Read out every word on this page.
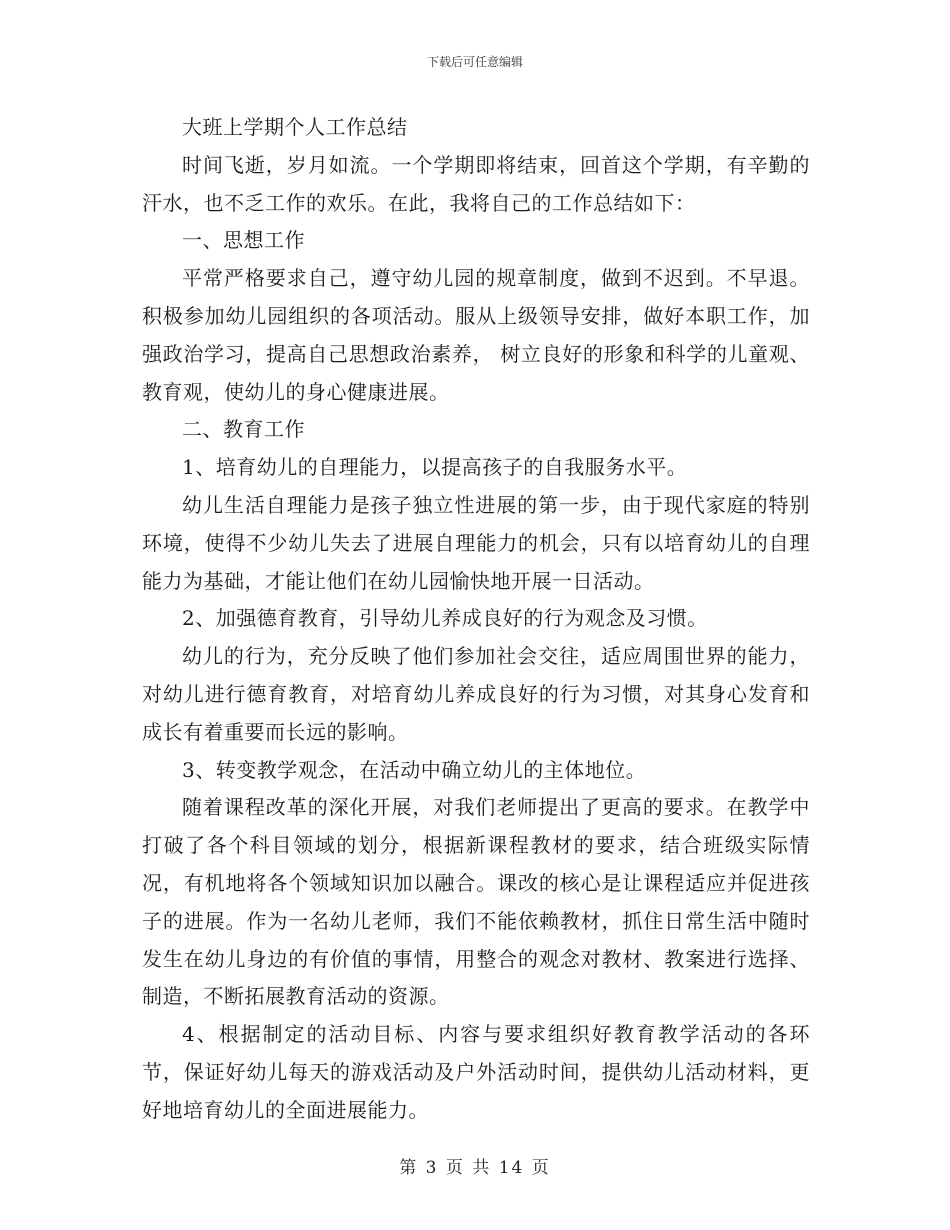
下载后可任意编辑

大班上学期个人工作总结

时间飞逝，岁月如流。一个学期即将结束，回首这个学期，有辛勤的汗水，也不乏工作的欢乐。在此，我将自己的工作总结如下：

一、思想工作

平常严格要求自己，遵守幼儿园的规章制度，做到不迟到。不早退。积极参加幼儿园组织的各项活动。服从上级领导安排，做好本职工作，加强政治学习，提高自己思想政治素养， 树立良好的形象和科学的儿童观、教育观，使幼儿的身心健康进展。

二、教育工作

1、培育幼儿的自理能力，以提高孩子的自我服务水平。

幼儿生活自理能力是孩子独立性进展的第一步，由于现代家庭的特别环境，使得不少幼儿失去了进展自理能力的机会，只有以培育幼儿的自理能力为基础，才能让他们在幼儿园愉快地开展一日活动。

2、加强德育教育，引导幼儿养成良好的行为观念及习惯。

幼儿的行为，充分反映了他们参加社会交往，适应周围世界的能力，对幼儿进行德育教育，对培育幼儿养成良好的行为习惯，对其身心发育和成长有着重要而长远的影响。

3、转变教学观念，在活动中确立幼儿的主体地位。

随着课程改革的深化开展，对我们老师提出了更高的要求。在教学中打破了各个科目领域的划分，根据新课程教材的要求，结合班级实际情况，有机地将各个领域知识加以融合。课改的核心是让课程适应并促进孩子的进展。作为一名幼儿老师，我们不能依赖教材，抓住日常生活中随时发生在幼儿身边的有价值的事情，用整合的观念对教材、教案进行选择、制造，不断拓展教育活动的资源。

4、根据制定的活动目标、内容与要求组织好教育教学活动的各环节，保证好幼儿每天的游戏活动及户外活动时间，提供幼儿活动材料，更好地培育幼儿的全面进展能力。

第 3 页 共 14 页
